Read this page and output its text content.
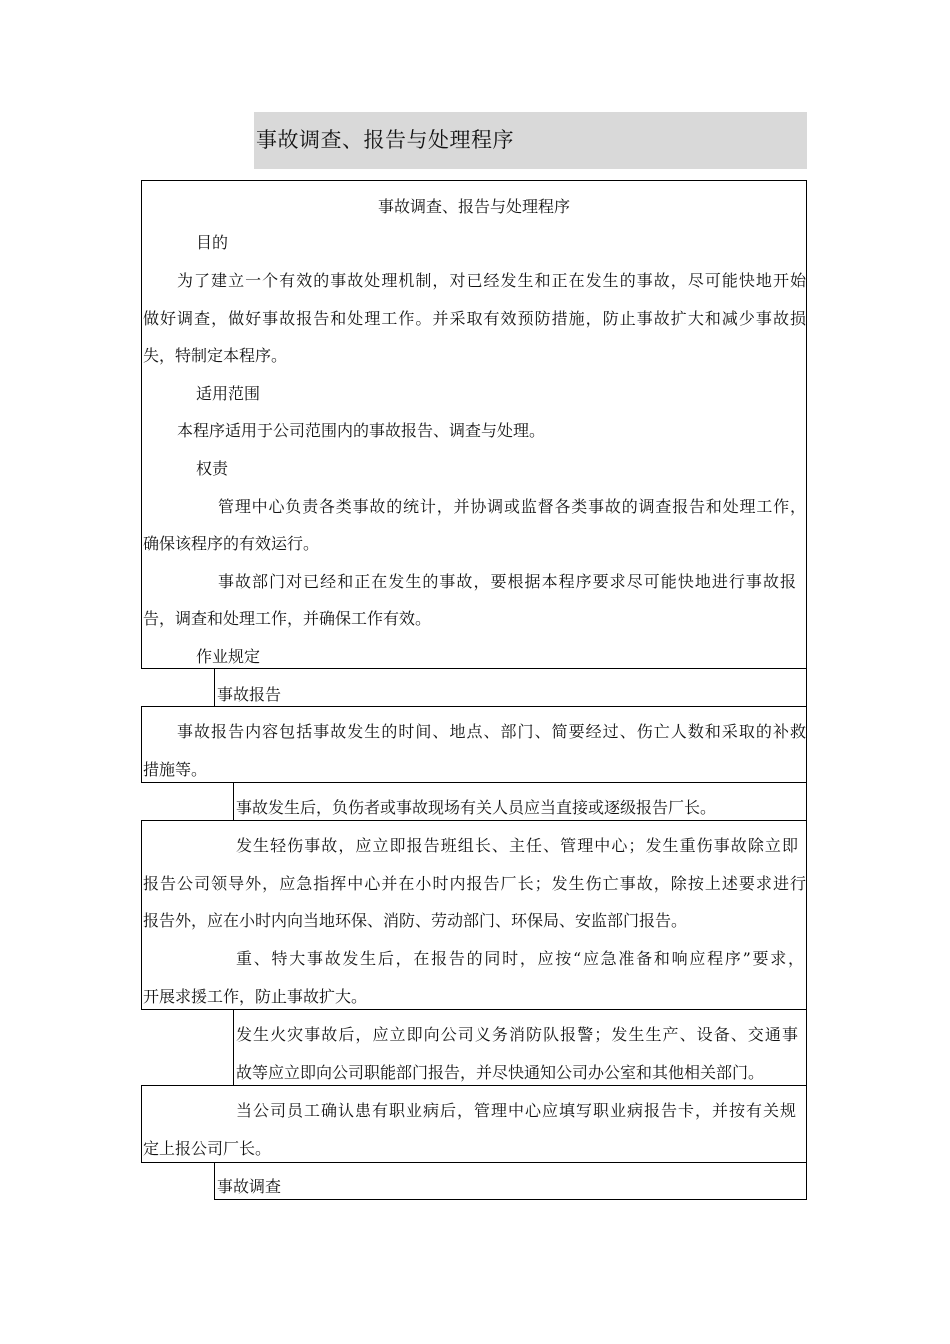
事故调查、报告与处理程序
事故调查、报告与处理程序
目的
为了建立一个有效的事故处理机制，对已经发生和正在发生的事故，尽可能快地开始
做好调查，做好事故报告和处理工作。并采取有效预防措施，防止事故扩大和减少事故损
失，特制定本程序。
适用范围
本程序适用于公司范围内的事故报告、调查与处理。
权责
管理中心负责各类事故的统计，并协调或监督各类事故的调查报告和处理工作，
确保该程序的有效运行。
事故部门对已经和正在发生的事故，要根据本程序要求尽可能快地进行事故报
告，调查和处理工作，并确保工作有效。
作业规定
事故报告
事故报告内容包括事故发生的时间、地点、部门、简要经过、伤亡人数和采取的补救
措施等。
事故发生后，负伤者或事故现场有关人员应当直接或逐级报告厂长。
发生轻伤事故，应立即报告班组长、主任、管理中心；发生重伤事故除立即
报告公司领导外，应急指挥中心并在小时内报告厂长；发生伤亡事故，除按上述要求进行
报告外，应在小时内向当地环保、消防、劳动部门、环保局、安监部门报告。
重、特大事故发生后，在报告的同时，应按“应急准备和响应程序”要求，
开展求援工作，防止事故扩大。
发生火灾事故后，应立即向公司义务消防队报警；发生生产、设备、交通事
故等应立即向公司职能部门报告，并尽快通知公司办公室和其他相关部门。
当公司员工确认患有职业病后，管理中心应填写职业病报告卡，并按有关规
定上报公司厂长。
事故调查
